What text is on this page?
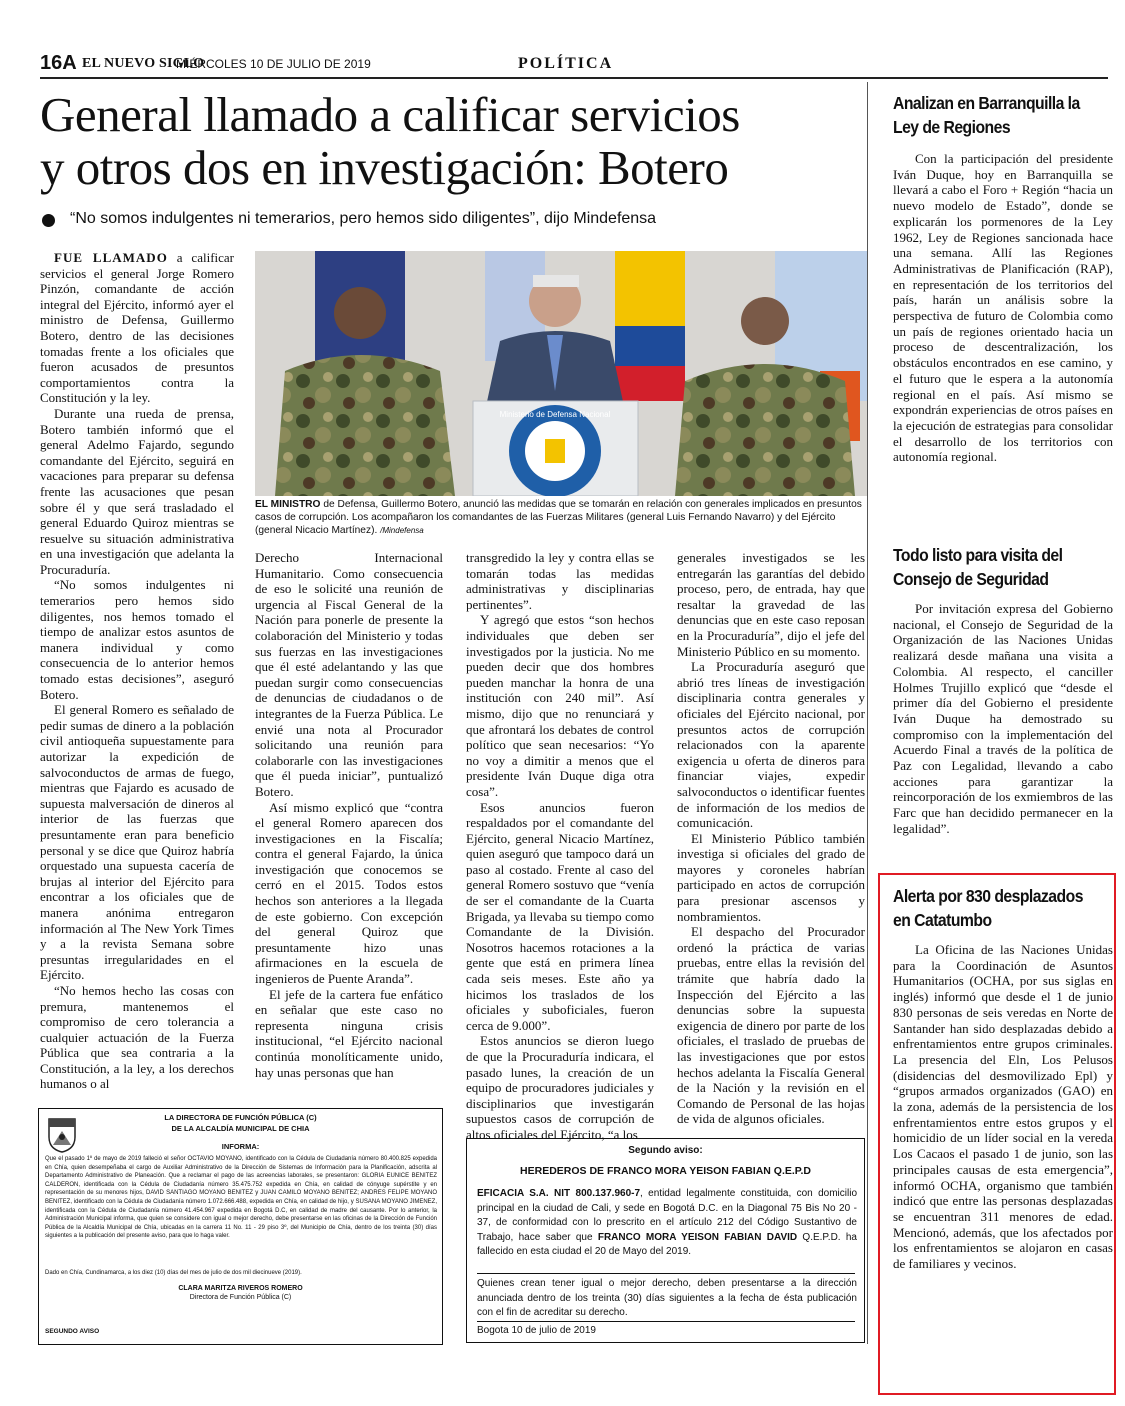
16A EL NUEVO SIGLO
MIÉRCOLES 10 DE JULIO DE 2019	POLÍTICA
General llamado a calificar servicios
y otros dos en investigación: Botero
“No somos indulgentes ni temerarios, pero hemos sido diligentes”, dijo Mindefensa

FUE LLAMADO a calificar servicios el general Jorge Romero Pinzón, comandante de acción integral del Ejército, informó ayer el ministro de Defensa, Guillermo Botero, dentro de las decisiones tomadas frente a los oficiales que fueron acusados de presuntos comportamientos contra la Constitución y la ley.

Durante una rueda de prensa, Botero también informó que el general Adelmo Fajardo, segundo comandante del Ejército, seguirá en vacaciones para preparar su defensa frente las acusaciones que pesan sobre él y que será trasladado el general Eduardo Quiroz mientras se resuelve su situación administrativa en una investigación que adelanta la Procuraduría.

“No somos indulgentes ni temerarios pero hemos sido diligentes, nos hemos tomado el tiempo de analizar estos asuntos de manera individual y como consecuencia de lo anterior hemos tomado estas decisiones”, aseguró Botero.

El general Romero es señalado de pedir sumas de dinero a la población civil antioqueña supuestamente para autorizar la expedición de salvoconductos de armas de fuego, mientras que Fajardo es acusado de supuesta malversación de dineros al interior de las fuerzas que presuntamente eran para beneficio personal y se dice que Quiroz habría orquestado una supuesta cacería de brujas al interior del Ejército para encontrar a los oficiales que de manera anónima entregaron información al The New York Times y a la revista Semana sobre presuntas irregularidades en el Ejército.

“No hemos hecho las cosas con premura, mantenemos el compromiso de cero tolerancia a cualquier actuación de la Fuerza Pública que sea contraria a la Constitución, a la ley, a los derechos humanos o al

Ministerio de Defensa Nacional
EL MINISTRO de Defensa, Guillermo Botero, anunció las medidas que se tomarán en relación con generales implicados en presuntos casos de corrupción. Los acompañaron los comandantes de las Fuerzas Militares (general Luis Fernando Navarro) y del Ejército (general Nicacio Martínez). /Mindefensa

Derecho Internacional Humanitario. Como consecuencia de eso le solicité una reunión de urgencia al Fiscal General de la Nación para ponerle de presente la colaboración del Ministerio y todas sus fuerzas en las investigaciones que él esté adelantando y las que puedan surgir como consecuencias de denuncias de ciudadanos o de integrantes de la Fuerza Pública. Le envié una nota al Procurador solicitando una reunión para colaborarle con las investigaciones que él pueda iniciar”, puntualizó Botero.

Así mismo explicó que “contra el general Romero aparecen dos investigaciones en la Fiscalía; contra el general Fajardo, la única investigación que conocemos se cerró en el 2015. Todos estos hechos son anteriores a la llegada de este gobierno. Con excepción del general Quiroz que presuntamente hizo unas afirmaciones en la escuela de ingenieros de Puente Aranda”.

El jefe de la cartera fue enfático en señalar que este caso no representa ninguna crisis institucional, “el Ejército nacional continúa monolíticamente unido, hay unas personas que han

transgredido la ley y contra ellas se tomarán todas las medidas administrativas y disciplinarias pertinentes”.

Y agregó que estos “son hechos individuales que deben ser investigados por la justicia. No me pueden decir que dos hombres pueden manchar la honra de una institución con 240 mil”. Así mismo, dijo que no renunciará y que afrontará los debates de control político que sean necesarios: “Yo no voy a dimitir a menos que el presidente Iván Duque diga otra cosa”.

Esos anuncios fueron respaldados por el comandante del Ejército, general Nicacio Martínez, quien aseguró que tampoco dará un paso al costado. Frente al caso del general Romero sostuvo que “venía de ser el comandante de la Cuarta Brigada, ya llevaba su tiempo como Comandante de la División. Nosotros hacemos rotaciones a la gente que está en primera línea cada seis meses. Este año ya hicimos los traslados de los oficiales y suboficiales, fueron cerca de 9.000”.

Estos anuncios se dieron luego de que la Procuraduría indicara, el pasado lunes, la creación de un equipo de procuradores judiciales y disciplinarios que investigarán supuestos casos de corrupción de altos oficiales del Ejército, “a los

generales investigados se les entregarán las garantías del debido proceso, pero, de entrada, hay que resaltar la gravedad de las denuncias que en este caso reposan en la Procuraduría”, dijo el jefe del Ministerio Público en su momento.

La Procuraduría aseguró que abrió tres líneas de investigación disciplinaria contra generales y oficiales del Ejército nacional, por presuntos actos de corrupción relacionados con la aparente exigencia u oferta de dineros para financiar viajes, expedir salvoconductos o identificar fuentes de información de los medios de comunicación.

El Ministerio Público también investiga si oficiales del grado de mayores y coroneles habrían participado en actos de corrupción para presionar ascensos y nombramientos.

El despacho del Procurador ordenó la práctica de varias pruebas, entre ellas la revisión del trámite que habría dado la Inspección del Ejército a las denuncias sobre la supuesta exigencia de dinero por parte de los oficiales, el traslado de pruebas de las investigaciones que por estos hechos adelanta la Fiscalía General de la Nación y la revisión en el Comando de Personal de las hojas de vida de algunos oficiales.

Analizan en Barranquilla la Ley de Regiones

Con la participación del presidente Iván Duque, hoy en Barranquilla se llevará a cabo el Foro + Región “hacia un nuevo modelo de Estado”, donde se explicarán los pormenores de la Ley 1962, Ley de Regiones sancionada hace una semana. Allí las Regiones Administrativas de Planificación (RAP), en representación de los territorios del país, harán un análisis sobre la perspectiva de futuro de Colombia como un país de regiones orientado hacia un proceso de descentralización, los obstáculos encontrados en ese camino, y el futuro que le espera a la autonomía regional en el país. Así mismo se expondrán experiencias de otros países en la ejecución de estrategias para consolidar el desarrollo de los territorios con autonomía regional.

Todo listo para visita del Consejo de Seguridad

Por invitación expresa del Gobierno nacional, el Consejo de Seguridad de la Organización de las Naciones Unidas realizará desde mañana una visita a Colombia. Al respecto, el canciller Holmes Trujillo explicó que “desde el primer día del Gobierno el presidente Iván Duque ha demostrado su compromiso con la implementación del Acuerdo Final a través de la política de Paz con Legalidad, llevando a cabo acciones para garantizar la reincorporación de los exmiembros de las Farc que han decidido permanecer en la legalidad”.

Alerta por 830 desplazados en Catatumbo

La Oficina de las Naciones Unidas para la Coordinación de Asuntos Humanitarios (OCHA, por sus siglas en inglés) informó que desde el 1 de junio 830 personas de seis veredas en Norte de Santander han sido desplazadas debido a enfrentamientos entre grupos criminales. La presencia del Eln, Los Pelusos (disidencias del desmovilizado Epl) y “grupos armados organizados (GAO) en la zona, además de la persistencia de los enfrentamientos entre estos grupos y el homicidio de un líder social en la vereda Los Cacaos el pasado 1 de junio, son las principales causas de esta emergencia”, informó OCHA, organismo que también indicó que entre las personas desplazadas se encuentran 311 menores de edad. Mencionó, además, que los afectados por los enfrentamientos se alojaron en casas de familiares y vecinos.

LA DIRECTORA DE FUNCIÓN PÚBLICA (C)
DE LA ALCALDÍA MUNICIPAL DE CHIA
INFORMA:
Que el pasado 1º de mayo de 2019 falleció el señor OCTAVIO MOYANO, identificado con la Cédula de Ciudadanía número 80.400.825 expedida en Chía, quien desempeñaba el cargo de Auxiliar Administrativo de la Dirección de Sistemas de Información para la Planificación, adscrita al Departamento Administrativo de Planeación. Que a reclamar el pago de las acreencias laborales, se presentaron: GLORIA EUNICE BENITEZ CALDERON, identificada con la Cédula de Ciudadanía número 35.475.752 expedida en Chía, en calidad de cónyuge supérstite y en representación de su menores hijos, DAVID SANTIAGO MOYANO BENITEZ y JUAN CAMILO MOYANO BENITEZ; ANDRES FELIPE MOYANO BENITEZ, identificado con la Cédula de Ciudadanía número 1.072.666.488, expedida en Chía, en calidad de hijo, y SUSANA MOYANO JIMENEZ, identificada con la Cédula de Ciudadanía número 41.454.967 expedida en Bogotá D.C, en calidad de madre del causante. Por lo anterior, la Administración Municipal informa, que quien se considere con igual o mejor derecho, debe presentarse en las oficinas de la Dirección de Función Pública de la Alcaldía Municipal de Chía, ubicadas en la carrera 11 No. 11 - 29 piso 3º, del Municipio de Chía, dentro de los treinta (30) días siguientes a la publicación del presente aviso, para que lo haga valer.
Dado en Chía, Cundinamarca, a los diez (10) días del mes de julio de dos mil diecinueve (2019).
CLARA MARITZA RIVEROS ROMERO
Directora de Función Pública (C)
SEGUNDO AVISO
Segundo aviso:
HEREDEROS DE FRANCO MORA YEISON FABIAN Q.E.P.D
EFICACIA S.A. NIT 800.137.960-7, entidad legalmente constituida, con domicilio principal en la ciudad de Cali, y sede en Bogotá D.C. en la Diagonal 75 Bis No 20 - 37, de conformidad con lo prescrito en el artículo 212 del Código Sustantivo de Trabajo, hace saber que FRANCO MORA YEISON FABIAN DAVID Q.E.P.D. ha fallecido en esta ciudad el 20 de Mayo del 2019.
Quienes crean tener igual o mejor derecho, deben presentarse a la dirección anunciada dentro de los treinta (30) días siguientes a la fecha de ésta publicación con el fin de acreditar su derecho.
Bogota 10 de julio de 2019
